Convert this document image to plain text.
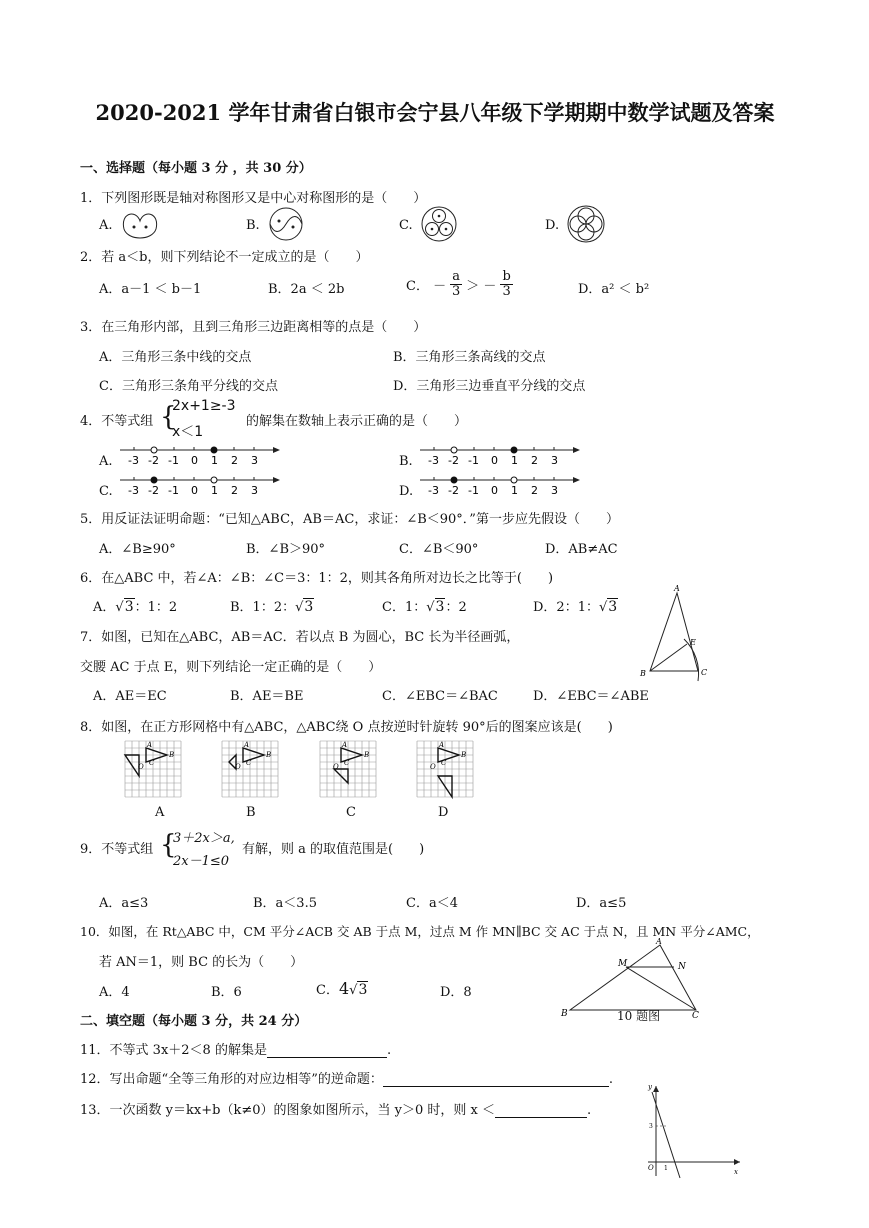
2020-2021 学年甘肃省白银市会宁县八年级下学期期中数学试题及答案
一、选择题（每小题 3 分 ，共 30 分）
1．下列图形既是轴对称图形又是中心对称图形的是（　　）
A.	B.	C.	D.
2．若 a＜b，则下列结论不一定成立的是（　　）
A．a－1 ＜ b－1	B．2a ＜ 2b	C． － $\frac{a}{3}$ ＞ － $\frac{b}{3}$	D．a² ＜ b²
3．在三角形内部，且到三角形三边距离相等的点是（　　）
A．三角形三条中线的交点	B．三角形三条高线的交点
C．三角形三条角平分线的交点	D．三角形三边垂直平分线的交点
4．不等式组 {
2x+1≥-3
x＜1
的解集在数轴上表示正确的是（　　）
A.	B.
C.	D.
-3 -2 -1 0 1 2 3	-3 -2 -1 0 1 2 3
-3 -2 -1 0 1 2 3	-3 -2 -1 0 1 2 3
5．用反证法证明命题：“已知△ABC，AB＝AC，求证：∠B＜90°．”第一步应先假设（　　）
A．∠B≥90°	B．∠B＞90°	C．∠B＜90°	D．AB≠AC
6．在△ABC 中，若∠A：∠B：∠C＝3：1：2，则其各角所对边长之比等于(　　)
A．√3：1：2	B．1：2：√3	C．1：√3：2	D．2：1：√3
A
B	C
E
7．如图，已知在△ABC，AB＝AC．若以点 B 为圆心，BC 长为半径画弧，
交腰 AC 于点 E，则下列结论一定正确的是（　　）
A．AE＝EC	B．AE＝BE	C．∠EBC＝∠BAC	D．∠EBC＝∠ABE
8．如图，在正方形网格中有△ABC，△ABC绕 O 点按逆时针旋转 90°后的图案应该是(　　)
A
B
C
O
A
B
C
O
A
B
C
O
A
B
C
O
A	B	C	D
9．不等式组 {
3＋2x＞a,
2x－1≤0
有解，则 a 的取值范围是(　　)
A．a≤3	B．a＜3.5	C．a＜4	D．a≤5
10．如图，在 Rt△ABC 中，CM 平分∠ACB 交 AB 于点 M，过点 M 作 MN∥BC 交 AC 于点 N，且 MN 平分∠AMC，
若 AN＝1，则 BC 的长为（　　）
A．4	B．6	C．4√3	D．8
A
B	C
M	N
10 题图
二、填空题（每小题 3 分，共 24 分）
11．不等式 3x＋2＜8 的解集是	.
12．写出命题“全等三角形的对应边相等”的逆命题：	.
13．一次函数 y＝kx+b（k≠0）的图象如图所示，当 y＞0 时，则 x ＜	.
y
x
O
3
1
